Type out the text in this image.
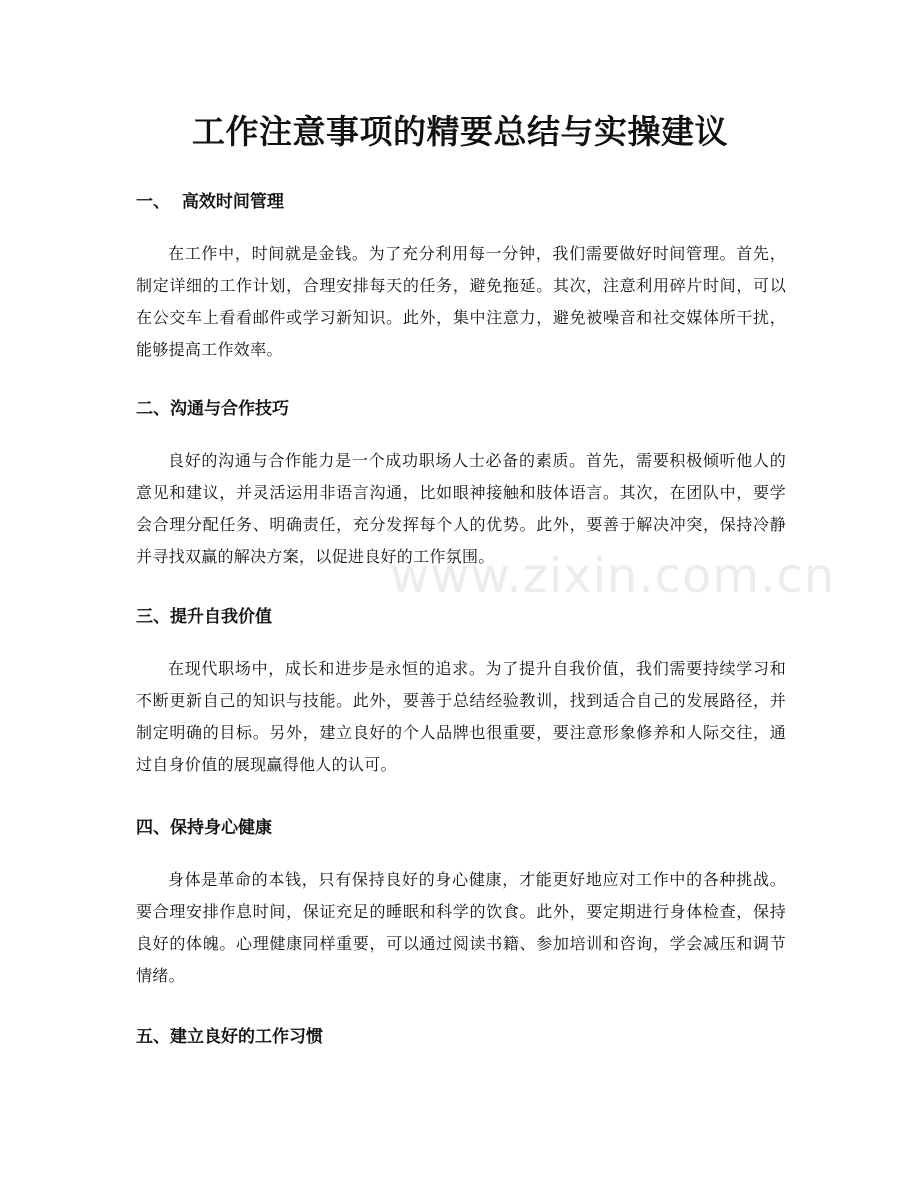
工作注意事项的精要总结与实操建议
一、  高效时间管理

在工作中，时间就是金钱。为了充分利用每一分钟，我们需要做好时间管理。首先，制定详细的工作计划，合理安排每天的任务，避免拖延。其次，注意利用碎片时间，可以在公交车上看看邮件或学习新知识。此外，集中注意力，避免被噪音和社交媒体所干扰，能够提高工作效率。

二、沟通与合作技巧

良好的沟通与合作能力是一个成功职场人士必备的素质。首先，需要积极倾听他人的意见和建议，并灵活运用非语言沟通，比如眼神接触和肢体语言。其次，在团队中，要学会合理分配任务、明确责任，充分发挥每个人的优势。此外，要善于解决冲突，保持冷静并寻找双赢的解决方案，以促进良好的工作氛围。

三、提升自我价值

在现代职场中，成长和进步是永恒的追求。为了提升自我价值，我们需要持续学习和不断更新自己的知识与技能。此外，要善于总结经验教训，找到适合自己的发展路径，并制定明确的目标。另外，建立良好的个人品牌也很重要，要注意形象修养和人际交往，通过自身价值的展现赢得他人的认可。

四、保持身心健康

身体是革命的本钱，只有保持良好的身心健康，才能更好地应对工作中的各种挑战。要合理安排作息时间，保证充足的睡眠和科学的饮食。此外，要定期进行身体检查，保持良好的体魄。心理健康同样重要，可以通过阅读书籍、参加培训和咨询，学会减压和调节情绪。

五、建立良好的工作习惯
www.zixin.com.cn
